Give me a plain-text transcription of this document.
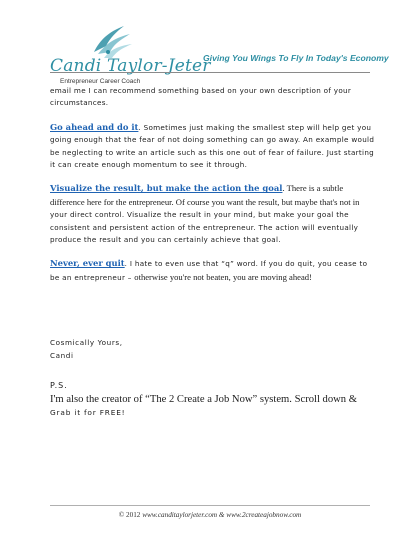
Candi Taylor-Jeter
Entrepreneur Career Coach
Giving You Wings To Fly In Today's Economy

email me I can recommend something based on your own description of your circumstances.

Go ahead and do it. Sometimes just making the smallest step will help get you going enough that the fear of not doing something can go away. An example would be neglecting to write an article such as this one out of fear of failure. Just starting it can create enough momentum to see it through.

Visualize the result, but make the action the goal. There is a subtle difference here for the entrepreneur. Of course you want the result, but maybe that's not in your direct control. Visualize the result in your mind, but make your goal the consistent and persistent action of the entrepreneur. The action will eventually produce the result and you can certainly achieve that goal.

Never, ever quit. I hate to even use that “q” word. If you do quit, you cease to be an entrepreneur – otherwise you're not beaten, you are moving ahead!

Cosmically Yours,
Candi
P.S.
I'm also the creator of “The 2 Create a Job Now” system. Scroll down &
Grab it for FREE!
© 2012 www.canditaylorjeter.com & www.2createajobnow.com
